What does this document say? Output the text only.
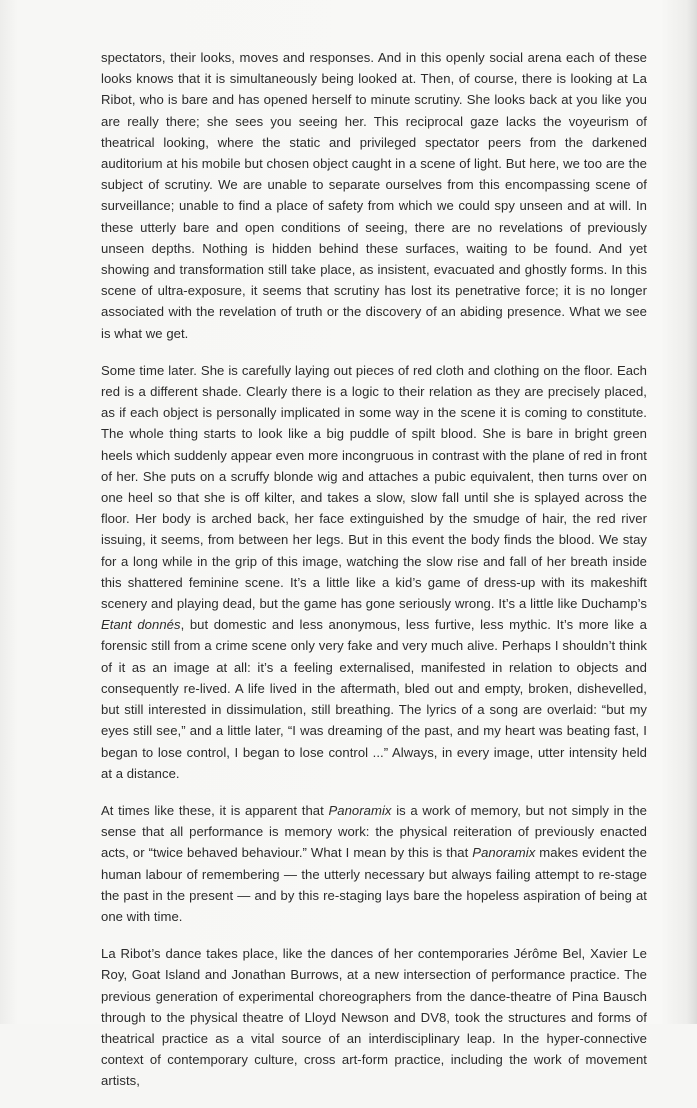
spectators, their looks, moves and responses. And in this openly social arena each of these looks knows that it is simultaneously being looked at. Then, of course, there is looking at La Ribot, who is bare and has opened herself to minute scrutiny. She looks back at you like you are really there; she sees you seeing her. This reciprocal gaze lacks the voyeurism of theatrical looking, where the static and privileged spectator peers from the darkened auditorium at his mobile but chosen object caught in a scene of light. But here, we too are the subject of scrutiny. We are unable to separate ourselves from this encompassing scene of surveillance; unable to find a place of safety from which we could spy unseen and at will. In these utterly bare and open conditions of seeing, there are no revelations of previously unseen depths. Nothing is hidden behind these surfaces, waiting to be found. And yet showing and transformation still take place, as insistent, evacuated and ghostly forms. In this scene of ultra-exposure, it seems that scrutiny has lost its penetrative force; it is no longer associated with the revelation of truth or the discovery of an abiding presence. What we see is what we get.

Some time later. She is carefully laying out pieces of red cloth and clothing on the floor. Each red is a different shade. Clearly there is a logic to their relation as they are precisely placed, as if each object is personally implicated in some way in the scene it is coming to constitute. The whole thing starts to look like a big puddle of spilt blood. She is bare in bright green heels which suddenly appear even more incongruous in contrast with the plane of red in front of her. She puts on a scruffy blonde wig and attaches a pubic equivalent, then turns over on one heel so that she is off kilter, and takes a slow, slow fall until she is splayed across the floor. Her body is arched back, her face extinguished by the smudge of hair, the red river issuing, it seems, from between her legs. But in this event the body finds the blood. We stay for a long while in the grip of this image, watching the slow rise and fall of her breath inside this shattered feminine scene. It’s a little like a kid’s game of dress-up with its makeshift scenery and playing dead, but the game has gone seriously wrong. It’s a little like Duchamp’s Etant donnés, but domestic and less anonymous, less furtive, less mythic. It’s more like a forensic still from a crime scene only very fake and very much alive. Perhaps I shouldn’t think of it as an image at all: it’s a feeling externalised, manifested in relation to objects and consequently re-lived. A life lived in the aftermath, bled out and empty, broken, dishevelled, but still interested in dissimulation, still breathing. The lyrics of a song are overlaid: “but my eyes still see,” and a little later, “I was dreaming of the past, and my heart was beating fast, I began to lose control, I began to lose control ...” Always, in every image, utter intensity held at a distance.

At times like these, it is apparent that Panoramix is a work of memory, but not simply in the sense that all performance is memory work: the physical reiteration of previously enacted acts, or “twice behaved behaviour.” What I mean by this is that Panoramix makes evident the human labour of remembering — the utterly necessary but always failing attempt to re-stage the past in the present — and by this re-staging lays bare the hopeless aspiration of being at one with time.

La Ribot’s dance takes place, like the dances of her contemporaries Jérôme Bel, Xavier Le Roy, Goat Island and Jonathan Burrows, at a new intersection of performance practice. The previous generation of experimental choreographers from the dance-theatre of Pina Bausch through to the physical theatre of Lloyd Newson and DV8, took the structures and forms of theatrical practice as a vital source of an interdisciplinary leap. In the hyper-connective context of contemporary culture, cross art-form practice, including the work of movement artists,
